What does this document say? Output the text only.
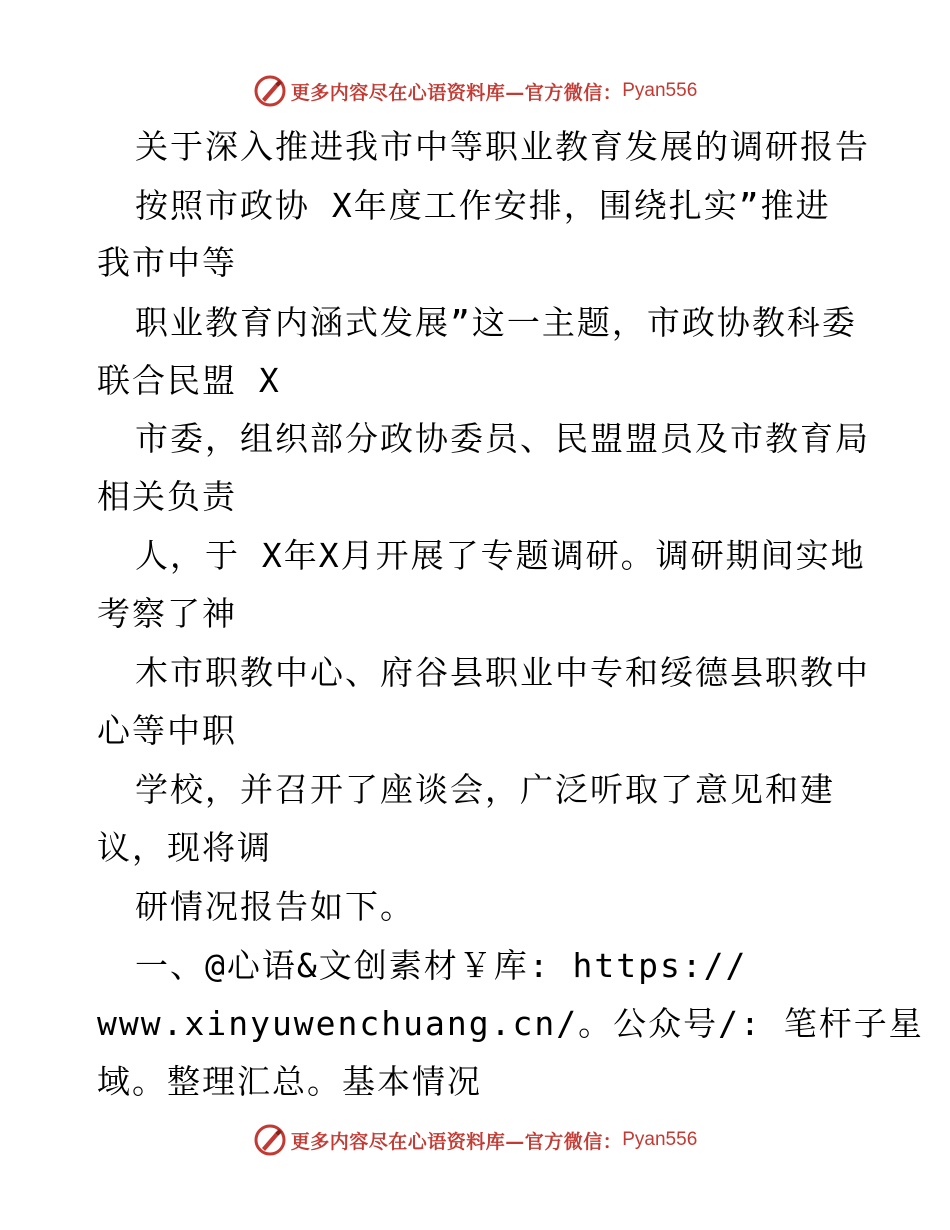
更多内容尽在心语资料库—官方微信： Pyan556
关于深入推进我市中等职业教育发展的调研报告
按照市政协 X年度工作安排，围绕扎实”推进
我市中等
职业教育内涵式发展”这一主题，市政协教科委
联合民盟 X
市委，组织部分政协委员、民盟盟员及市教育局
相关负责
人，于 X年X月开展了专题调研。调研期间实地
考察了神
木市职教中心、府谷县职业中专和绥德县职教中
心等中职
学校，并召开了座谈会，广泛听取了意见和建
议，现将调
研情况报告如下。
一、@心语&文创素材￥库: https://
www.xinyuwenchuang.cn/。公众号/: 笔杆子星
域。整理汇总。基本情况
更多内容尽在心语资料库—官方微信： Pyan556
